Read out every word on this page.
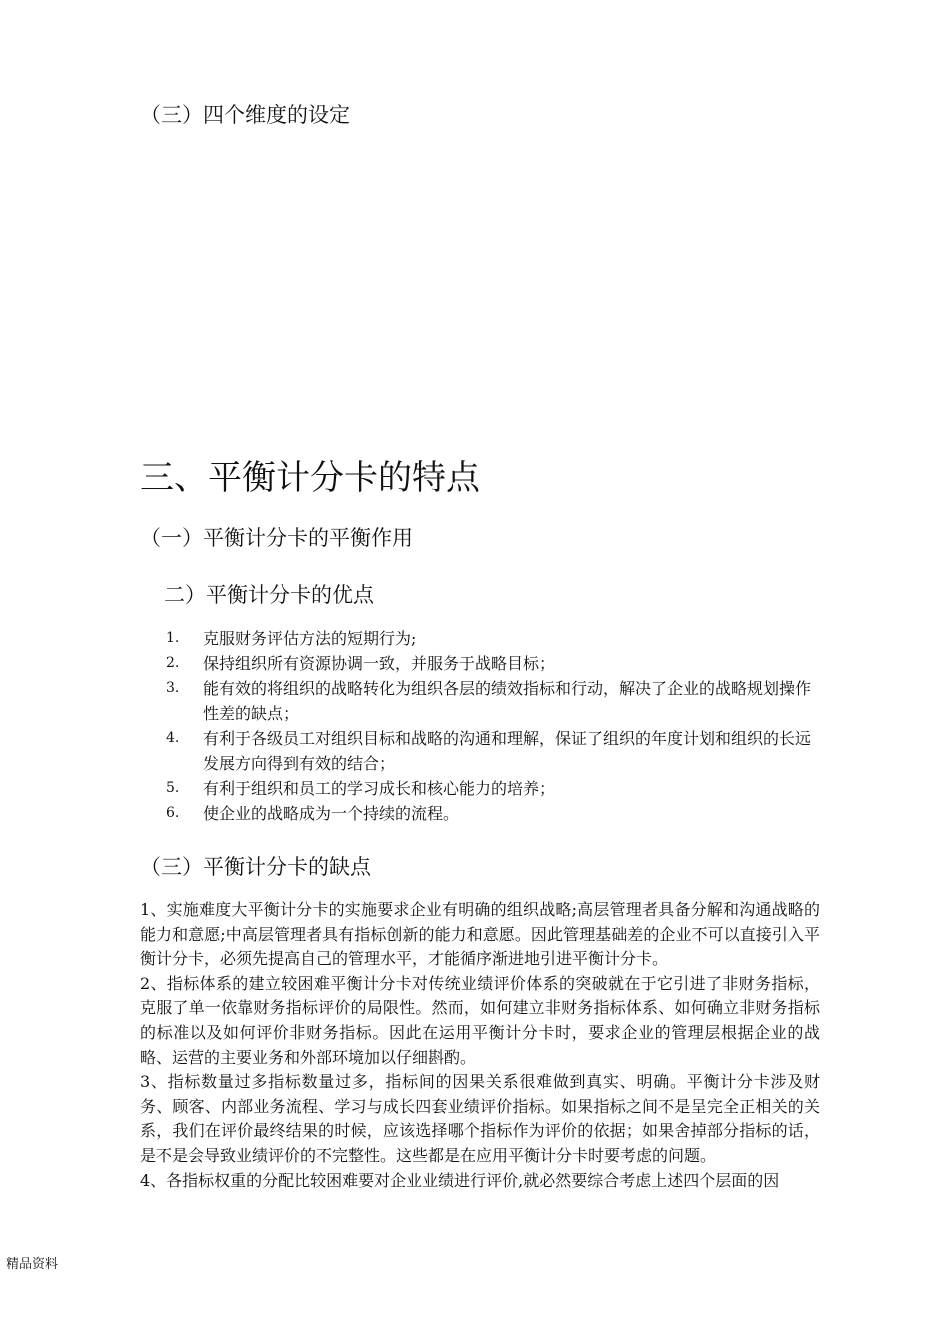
（三）四个维度的设定
三、平衡计分卡的特点
（一）平衡计分卡的平衡作用
二）平衡计分卡的优点
1. 克服财务评估方法的短期行为;
2. 保持组织所有资源协调一致，并服务于战略目标；
3. 能有效的将组织的战略转化为组织各层的绩效指标和行动，解决了企业的战略规划操作性差的缺点；
4. 有利于各级员工对组织目标和战略的沟通和理解，保证了组织的年度计划和组织的长远发展方向得到有效的结合；
5. 有利于组织和员工的学习成长和核心能力的培养；
6. 使企业的战略成为一个持续的流程。
（三）平衡计分卡的缺点

1、实施难度大平衡计分卡的实施要求企业有明确的组织战略;高层管理者具备分解和沟通战略的能力和意愿;中高层管理者具有指标创新的能力和意愿。因此管理基础差的企业不可以直接引入平衡计分卡，必须先提高自己的管理水平，才能循序渐进地引进平衡计分卡。

2、指标体系的建立较困难平衡计分卡对传统业绩评价体系的突破就在于它引进了非财务指标，克服了单一依靠财务指标评价的局限性。然而，如何建立非财务指标体系、如何确立非财务指标的标准以及如何评价非财务指标。因此在运用平衡计分卡时，要求企业的管理层根据企业的战略、运营的主要业务和外部环境加以仔细斟酌。

3、指标数量过多指标数量过多，指标间的因果关系很难做到真实、明确。平衡计分卡涉及财务、顾客、内部业务流程、学习与成长四套业绩评价指标。如果指标之间不是呈完全正相关的关系，我们在评价最终结果的时候，应该选择哪个指标作为评价的依据；如果舍掉部分指标的话，是不是会导致业绩评价的不完整性。这些都是在应用平衡计分卡时要考虑的问题。

4、各指标权重的分配比较困难要对企业业绩进行评价,就必然要综合考虑上述四个层面的因

精品资料
